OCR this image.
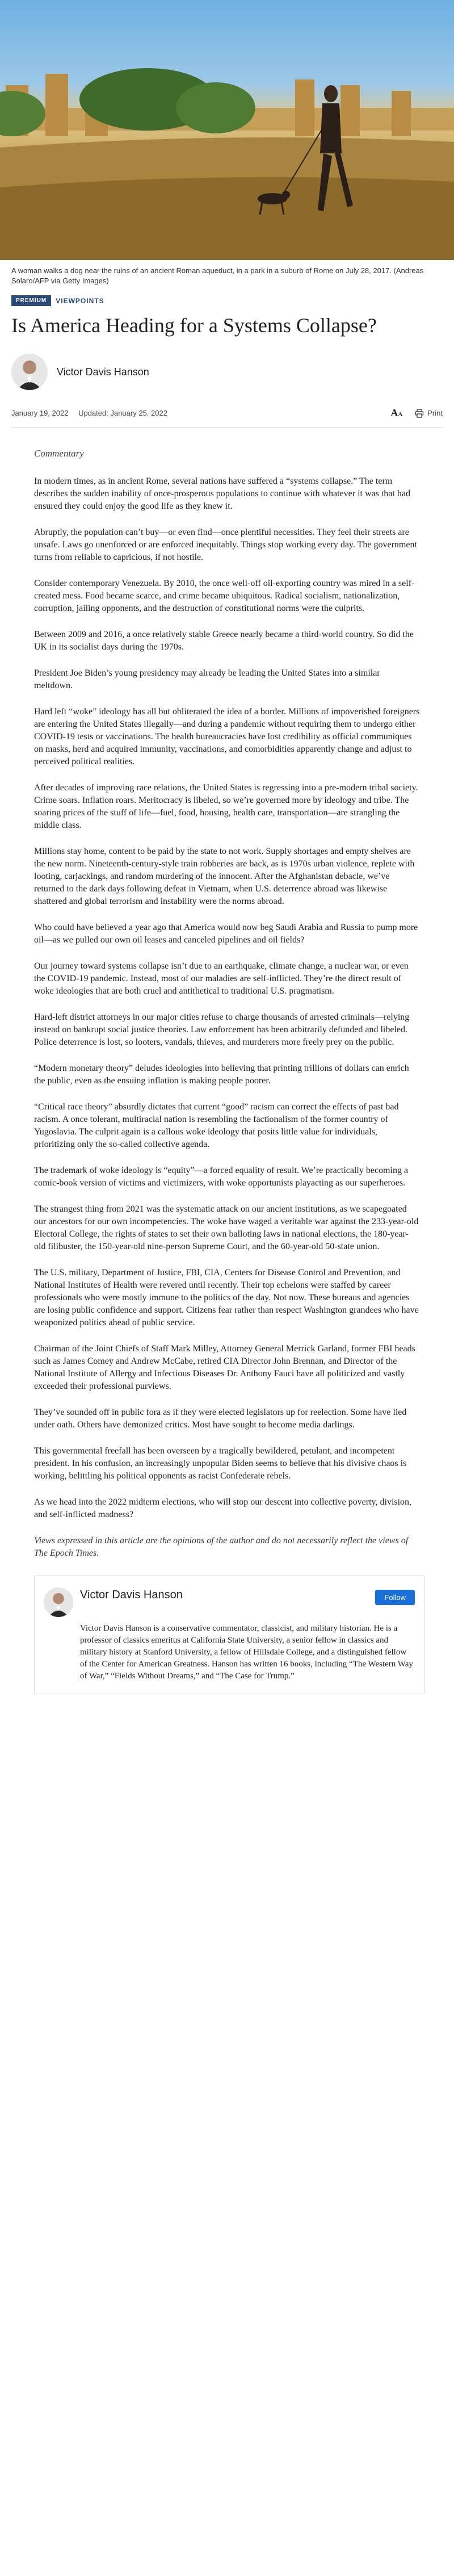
A woman walks a dog near the ruins of an ancient Roman aqueduct, in a park in a suburb of Rome on July 28, 2017. (Andreas Solaro/AFP via Getty Images)
PREMIUM	VIEWPOINTS
Is America Heading for a Systems Collapse?
Victor Davis Hanson
January 19, 2022 Updated: January 25, 2022	AA	Print
Commentary

In modern times, as in ancient Rome, several nations have suffered a “systems collapse.” The term describes the sudden inability of once-prosperous populations to continue with whatever it was that had ensured they could enjoy the good life as they knew it.

Abruptly, the population can’t buy—or even find—once plentiful necessities. They feel their streets are unsafe. Laws go unenforced or are enforced inequitably. Things stop working every day. The government turns from reliable to capricious, if not hostile.

Consider contemporary Venezuela. By 2010, the once well-off oil-exporting country was mired in a self-created mess. Food became scarce, and crime became ubiquitous. Radical socialism, nationalization, corruption, jailing opponents, and the destruction of constitutional norms were the culprits.

Between 2009 and 2016, a once relatively stable Greece nearly became a third-world country. So did the UK in its socialist days during the 1970s.

President Joe Biden’s young presidency may already be leading the United States into a similar meltdown.

Hard left “woke” ideology has all but obliterated the idea of a border. Millions of impoverished foreigners are entering the United States illegally—and during a pandemic without requiring them to undergo either COVID-19 tests or vaccinations. The health bureaucracies have lost credibility as official communiques on masks, herd and acquired immunity, vaccinations, and comorbidities apparently change and adjust to perceived political realities.

After decades of improving race relations, the United States is regressing into a pre-modern tribal society. Crime soars. Inflation roars. Meritocracy is libeled, so we’re governed more by ideology and tribe. The soaring prices of the stuff of life—fuel, food, housing, health care, transportation—are strangling the middle class.

Millions stay home, content to be paid by the state to not work. Supply shortages and empty shelves are the new norm. Nineteenth-century-style train robberies are back, as is 1970s urban violence, replete with looting, carjackings, and random murdering of the innocent. After the Afghanistan debacle, we’ve returned to the dark days following defeat in Vietnam, when U.S. deterrence abroad was likewise shattered and global terrorism and instability were the norms abroad.

Who could have believed a year ago that America would now beg Saudi Arabia and Russia to pump more oil—as we pulled our own oil leases and canceled pipelines and oil fields?

Our journey toward systems collapse isn’t due to an earthquake, climate change, a nuclear war, or even the COVID-19 pandemic. Instead, most of our maladies are self-inflicted. They’re the direct result of woke ideologies that are both cruel and antithetical to traditional U.S. pragmatism.

Hard-left district attorneys in our major cities refuse to charge thousands of arrested criminals—relying instead on bankrupt social justice theories. Law enforcement has been arbitrarily defunded and libeled. Police deterrence is lost, so looters, vandals, thieves, and murderers more freely prey on the public.

“Modern monetary theory” deludes ideologies into believing that printing trillions of dollars can enrich the public, even as the ensuing inflation is making people poorer.

“Critical race theory” absurdly dictates that current “good” racism can correct the effects of past bad racism. A once tolerant, multiracial nation is resembling the factionalism of the former country of Yugoslavia. The culprit again is a callous woke ideology that posits little value for individuals, prioritizing only the so-called collective agenda.

The trademark of woke ideology is “equity”—a forced equality of result. We’re practically becoming a comic-book version of victims and victimizers, with woke opportunists playacting as our superheroes.

The strangest thing from 2021 was the systematic attack on our ancient institutions, as we scapegoated our ancestors for our own incompetencies. The woke have waged a veritable war against the 233-year-old Electoral College, the rights of states to set their own balloting laws in national elections, the 180-year-old filibuster, the 150-year-old nine-person Supreme Court, and the 60-year-old 50-state union.

The U.S. military, Department of Justice, FBI, CIA, Centers for Disease Control and Prevention, and National Institutes of Health were revered until recently. Their top echelons were staffed by career professionals who were mostly immune to the politics of the day. Not now. These bureaus and agencies are losing public confidence and support. Citizens fear rather than respect Washington grandees who have weaponized politics ahead of public service.

Chairman of the Joint Chiefs of Staff Mark Milley, Attorney General Merrick Garland, former FBI heads such as James Comey and Andrew McCabe, retired CIA Director John Brennan, and Director of the National Institute of Allergy and Infectious Diseases Dr. Anthony Fauci have all politicized and vastly exceeded their professional purviews.

They’ve sounded off in public fora as if they were elected legislators up for reelection. Some have lied under oath. Others have demonized critics. Most have sought to become media darlings.

This governmental freefall has been overseen by a tragically bewildered, petulant, and incompetent president. In his confusion, an increasingly unpopular Biden seems to believe that his divisive chaos is working, belittling his political opponents as racist Confederate rebels.

As we head into the 2022 midterm elections, who will stop our descent into collective poverty, division, and self-inflicted madness?

Views expressed in this article are the opinions of the author and do not necessarily reflect the views of The Epoch Times.

Victor Davis Hanson	Follow
Victor Davis Hanson is a conservative commentator, classicist, and military historian. He is a professor of classics emeritus at California State University, a senior fellow in classics and military history at Stanford University, a fellow of Hillsdale College, and a distinguished fellow of the Center for American Greatness. Hanson has written 16 books, including “The Western Way of War,” “Fields Without Dreams,” and “The Case for Trump.”
